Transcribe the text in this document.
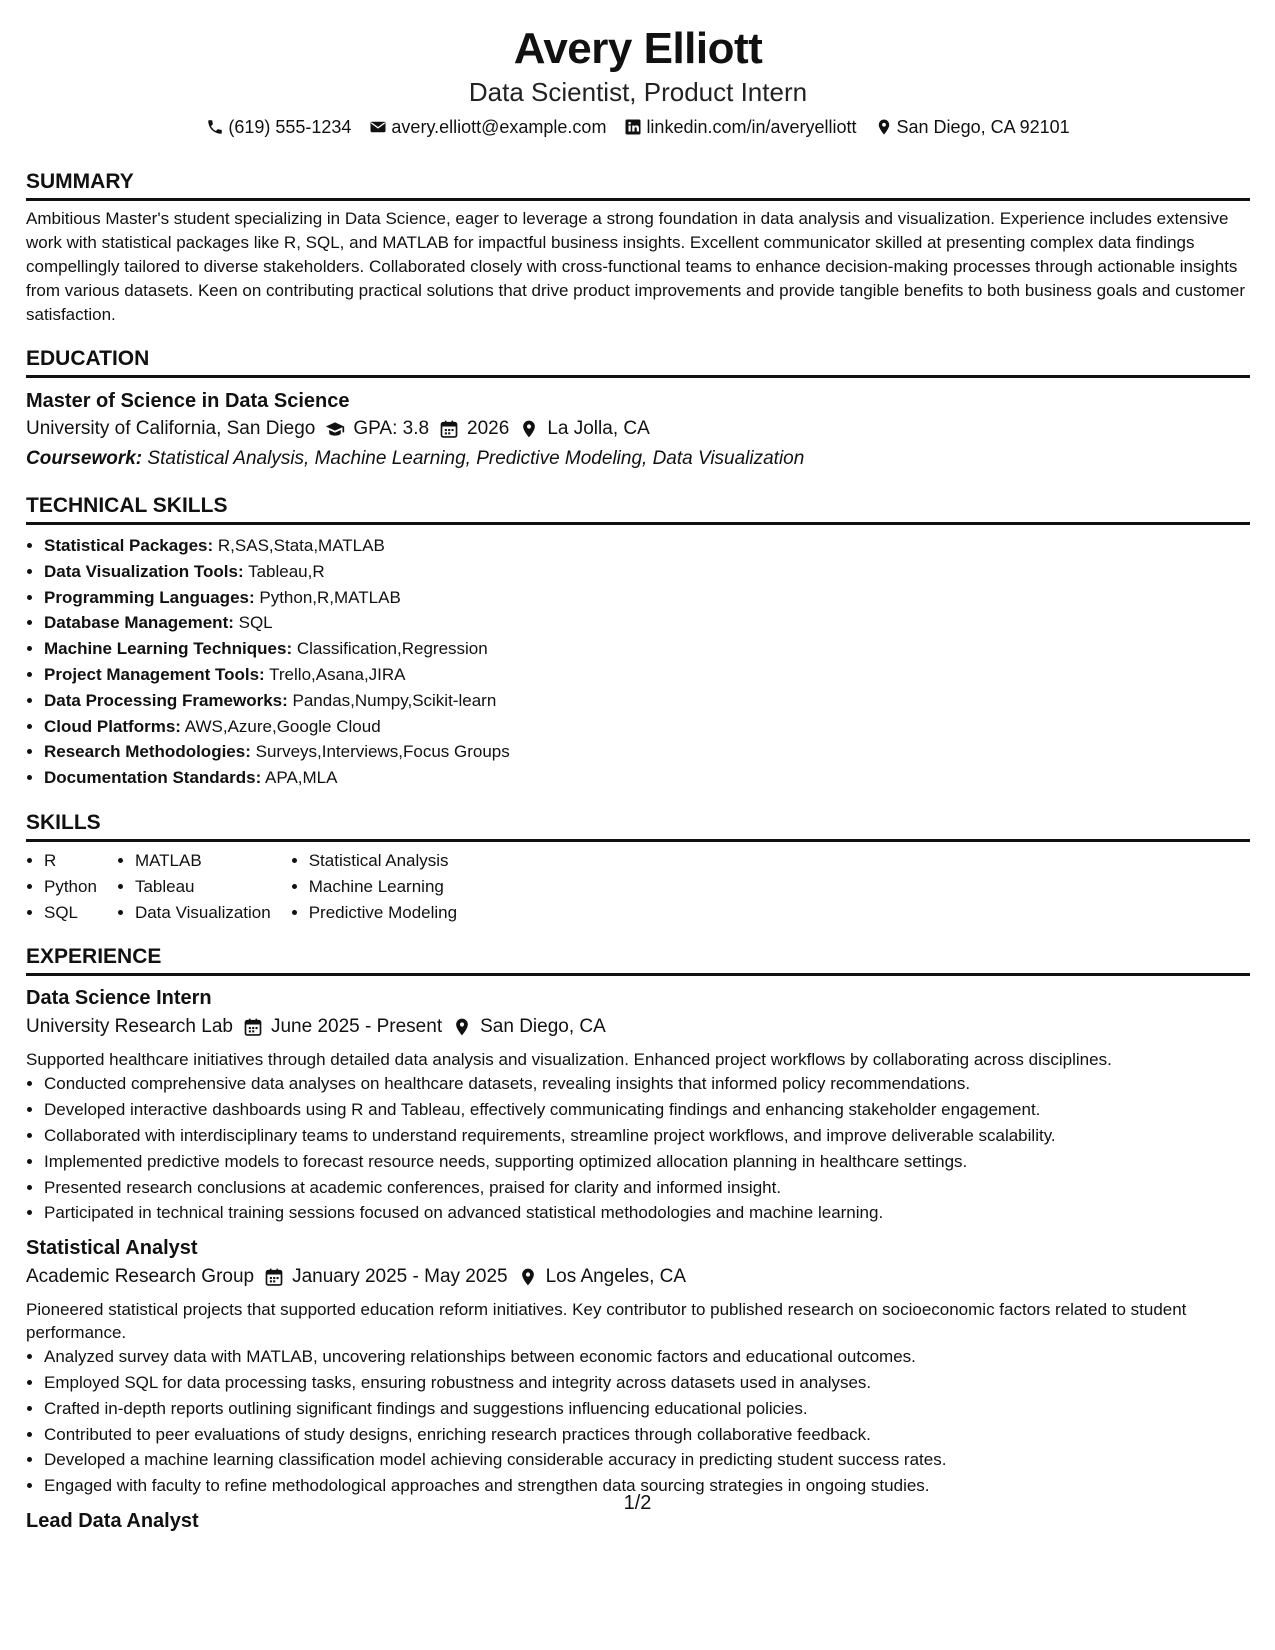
Avery Elliott
Data Scientist, Product Intern
(619) 555-1234 avery.elliott@example.com linkedin.com/in/averyelliott San Diego, CA 92101
SUMMARY

Ambitious Master's student specializing in Data Science, eager to leverage a strong foundation in data analysis and visualization. Experience includes extensive work with statistical packages like R, SQL, and MATLAB for impactful business insights. Excellent communicator skilled at presenting complex data findings compellingly tailored to diverse stakeholders. Collaborated closely with cross-functional teams to enhance decision-making processes through actionable insights from various datasets. Keen on contributing practical solutions that drive product improvements and provide tangible benefits to both business goals and customer satisfaction.

EDUCATION
Master of Science in Data Science
University of California, San Diego GPA: 3.8 2026 La Jolla, CA
Coursework: Statistical Analysis, Machine Learning, Predictive Modeling, Data Visualization
TECHNICAL SKILLS
• Statistical Packages: R,SAS,Stata,MATLAB
• Data Visualization Tools: Tableau,R
• Programming Languages: Python,R,MATLAB
• Database Management: SQL
• Machine Learning Techniques: Classification,Regression
• Project Management Tools: Trello,Asana,JIRA
• Data Processing Frameworks: Pandas,Numpy,Scikit-learn
• Cloud Platforms: AWS,Azure,Google Cloud
• Research Methodologies: Surveys,Interviews,Focus Groups
• Documentation Standards: APA,MLA
SKILLS
• R
• Python
• SQL
• MATLAB
• Tableau
• Data Visualization
• Statistical Analysis
• Machine Learning
• Predictive Modeling
EXPERIENCE
Data Science Intern
University Research Lab June 2025 - Present San Diego, CA

Supported healthcare initiatives through detailed data analysis and visualization. Enhanced project workflows by collaborating across disciplines.

• Conducted comprehensive data analyses on healthcare datasets, revealing insights that informed policy recommendations.
• Developed interactive dashboards using R and Tableau, effectively communicating findings and enhancing stakeholder engagement.
• Collaborated with interdisciplinary teams to understand requirements, streamline project workflows, and improve deliverable scalability.
• Implemented predictive models to forecast resource needs, supporting optimized allocation planning in healthcare settings.
• Presented research conclusions at academic conferences, praised for clarity and informed insight.
• Participated in technical training sessions focused on advanced statistical methodologies and machine learning.
Statistical Analyst
Academic Research Group January 2025 - May 2025 Los Angeles, CA

Pioneered statistical projects that supported education reform initiatives. Key contributor to published research on socioeconomic factors related to student performance.

• Analyzed survey data with MATLAB, uncovering relationships between economic factors and educational outcomes.
• Employed SQL for data processing tasks, ensuring robustness and integrity across datasets used in analyses.
• Crafted in-depth reports outlining significant findings and suggestions influencing educational policies.
• Contributed to peer evaluations of study designs, enriching research practices through collaborative feedback.
• Developed a machine learning classification model achieving considerable accuracy in predicting student success rates.
• Engaged with faculty to refine methodological approaches and strengthen data sourcing strategies in ongoing studies.
Lead Data Analyst
1/2
